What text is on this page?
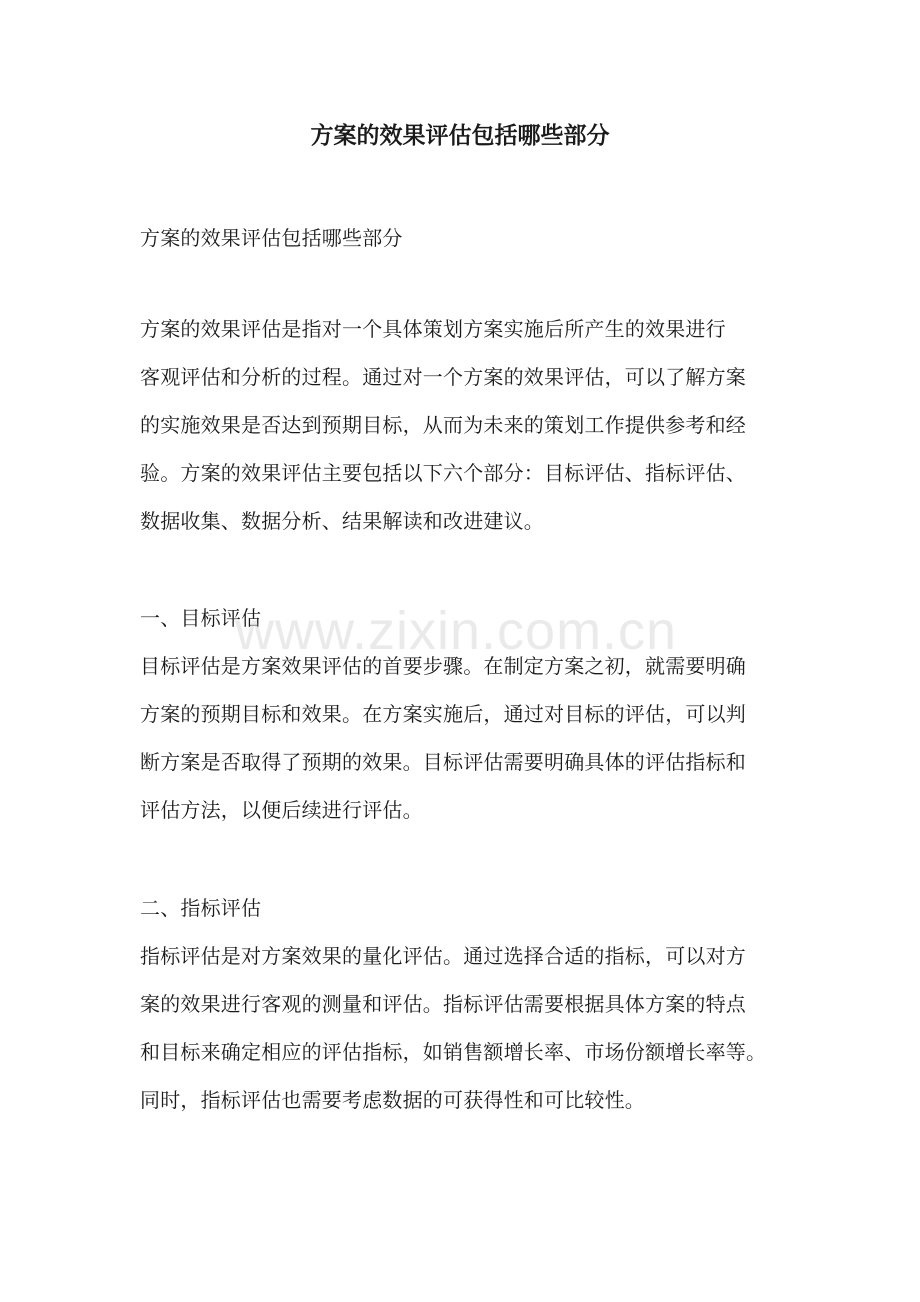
方案的效果评估包括哪些部分

方案的效果评估包括哪些部分

方案的效果评估是指对一个具体策划方案实施后所产生的效果进行
客观评估和分析的过程。通过对一个方案的效果评估，可以了解方案
的实施效果是否达到预期目标，从而为未来的策划工作提供参考和经
验。方案的效果评估主要包括以下六个部分：目标评估、指标评估、
数据收集、数据分析、结果解读和改进建议。

一、目标评估
目标评估是方案效果评估的首要步骤。在制定方案之初，就需要明确
方案的预期目标和效果。在方案实施后，通过对目标的评估，可以判
断方案是否取得了预期的效果。目标评估需要明确具体的评估指标和
评估方法，以便后续进行评估。

二、指标评估
指标评估是对方案效果的量化评估。通过选择合适的指标，可以对方
案的效果进行客观的测量和评估。指标评估需要根据具体方案的特点
和目标来确定相应的评估指标，如销售额增长率、市场份额增长率等。
同时，指标评估也需要考虑数据的可获得性和可比较性。

www.zixin.com.cn
